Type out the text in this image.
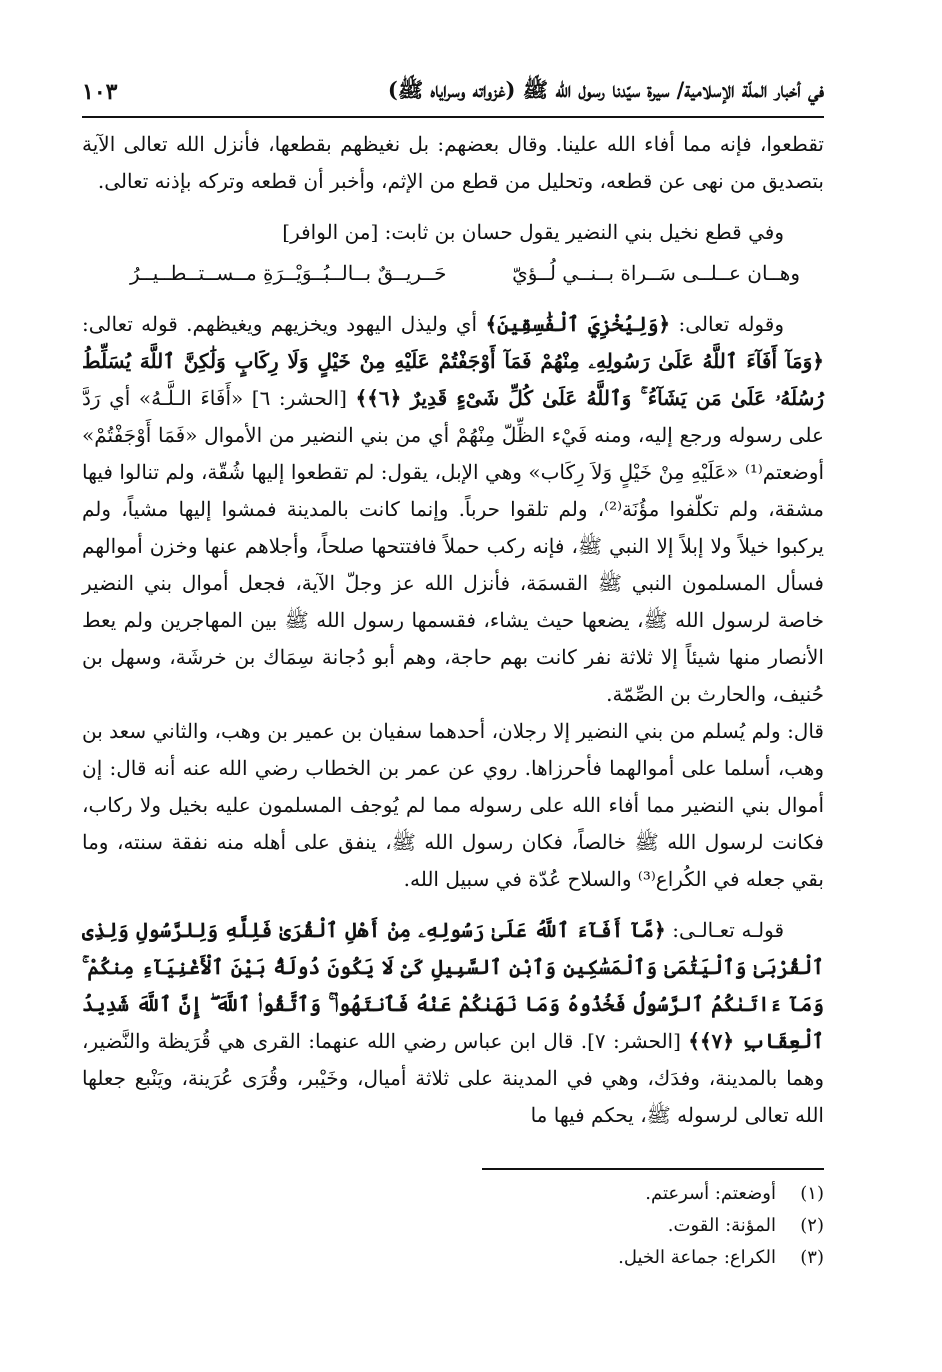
في أخبار الملّة الإسلامية/ سيرة سيّدنا رسول الله ﷺ (غزواته وسراياه ﷺ)
١٠٣

تقطعوا، فإنه مما أفاء الله علينا. وقال بعضهم: بل نغيظهم بقطعها، فأنزل الله تعالى الآية بتصديق من نهى عن قطعه، وتحليل من قطع من الإثم، وأخبر أن قطعه وتركه بإذنه تعالى.

وفي قطع نخيل بني النضير يقول حسان بن ثابت: [من الوافر]

وهــان عــلــى سَــراة بــنــي لُــؤيّ
حَــريــقٌ بــالــبُــوَيْــرَةِ مــســتــطــيــرُ

وقوله تعالى: ﴿وَلِيُخْزِيَ ٱلْفَٰسِقِينَ﴾ أي وليذل اليهود ويخزيهم ويغيظهم. قوله تعالى: ﴿وَمَآ أَفَآءَ ٱللَّهُ عَلَىٰ رَسُولِهِۦ مِنْهُمْ فَمَآ أَوْجَفْتُمْ عَلَيْهِ مِنْ خَيْلٍ وَلَا رِكَابٍ وَلَٰكِنَّ ٱللَّهَ يُسَلِّطُ رُسُلَهُۥ عَلَىٰ مَن يَشَآءُ ۚ وَٱللَّهُ عَلَىٰ كُلِّ شَىْءٍ قَدِيرٌ ﴿٦﴾﴾ [الحشر: ٦] «أَفَاءَ الـلَّـهُ» أي رَدَّ على رسوله ورجع إليه، ومنه فَيْء الظِّلّ مِنْهُمْ أي من بني النضير من الأموال «فَمَا أَوْجَفْتُمْ» أوضعتم⁽¹⁾ «عَلَيْهِ مِنْ خَيْلٍ وَلاَ رِكَاب» وهي الإبل، يقول: لم تقطعوا إليها شُقّة، ولم تنالوا فيها مشقة، ولم تكلّفوا مؤُنَة⁽²⁾، ولم تلقوا حرباً. وإنما كانت بالمدينة فمشوا إليها مشياً، ولم يركبوا خيلاً ولا إبلاً إلا النبي ﷺ، فإنه ركب حملاً فافتتحها صلحاً، وأجلاهم عنها وخزن أموالهم فسأل المسلمون النبي ﷺ القسمَة، فأنزل الله عز وجلّ الآية، فجعل أموال بني النضير خاصة لرسول الله ﷺ، يضعها حيث يشاء، فقسمها رسول الله ﷺ بين المهاجرين ولم يعط الأنصار منها شيئاً إلا ثلاثة نفر كانت بهم حاجة، وهم أبو دُجانة سِمَاك بن خرشَة، وسهل بن حُنيف، والحارث بن الصِّمّة.

قال: ولم يُسلم من بني النضير إلا رجلان، أحدهما سفيان بن عمير بن وهب، والثاني سعد بن وهب، أسلما على أموالهما فأحرزاها. روي عن عمر بن الخطاب رضي الله عنه أنه قال: إن أموال بني النضير مما أفاء الله على رسوله مما لم يُوجف المسلمون عليه بخيل ولا ركاب، فكانت لرسول الله ﷺ خالصاً، فكان رسول الله ﷺ، ينفق على أهله منه نفقة سنته، وما بقي جعله في الكُراع⁽³⁾ والسلاح عُدّة في سبيل الله.

قولـه تعـالـى: ﴿مَّآ أَفَآءَ ٱللَّهُ عَلَىٰ رَسُولِهِۦ مِنْ أَهْلِ ٱلْقُرَىٰ فَلِلَّهِ وَلِلرَّسُولِ وَلِذِى ٱلْقُرْبَىٰ وَٱلْيَتَٰمَىٰ وَٱلْمَسَٰكِينِ وَٱبْنِ ٱلسَّبِيلِ كَىْ لَا يَكُونَ دُولَةًۢ بَيْنَ ٱلْأَغْنِيَآءِ مِنكُمْ ۚ وَمَآ ءَاتَىٰكُمُ ٱلرَّسُولُ فَخُذُوهُ وَمَا نَهَىٰكُمْ عَنْهُ فَٱنتَهُوا۟ ۚ وَٱتَّقُوا۟ ٱللَّهَ ۖ إِنَّ ٱللَّهَ شَدِيدُ ٱلْعِقَابِ ﴿٧﴾﴾ [الحشر: ٧]. قال ابن عباس رضي الله عنهما: القرى هي قُرَيظة والنَّضير، وهما بالمدينة، وفدَك، وهي في المدينة على ثلاثة أميال، وخَيْبر، وقُرَى عُرَينة، ويَنْبع جعلها الله تعالى لرسوله ﷺ، يحكم فيها ما

(١)
أوضعتم: أسرعتم.
(٢)
المؤنة: القوت.
(٣)
الكراع: جماعة الخيل.
